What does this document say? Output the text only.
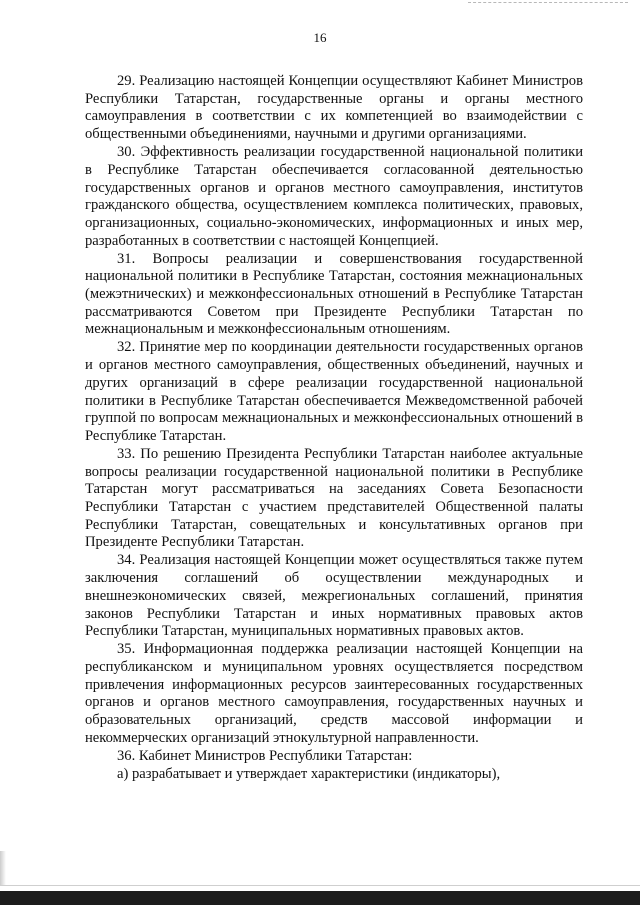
16

29. Реализацию настоящей Концепции осуществляют Кабинет Министров Республики Татарстан, государственные органы и органы местного самоуправления в соответствии с их компетенцией во взаимодействии с общественными объединениями, научными и другими организациями.

30. Эффективность реализации государственной национальной политики в Республике Татарстан обеспечивается согласованной деятельностью государственных органов и органов местного самоуправления, институтов гражданского общества, осуществлением комплекса политических, правовых, организационных, социально-экономических, информационных и иных мер, разработанных в соответствии с настоящей Концепцией.

31. Вопросы реализации и совершенствования государственной национальной политики в Республике Татарстан, состояния межнациональных (межэтнических) и межконфессиональных отношений в Республике Татарстан рассматриваются Советом при Президенте Республики Татарстан по межнациональным и межконфессиональным отношениям.

32. Принятие мер по координации деятельности государственных органов и органов местного самоуправления, общественных объединений, научных и других организаций в сфере реализации государственной национальной политики в Республике Татарстан обеспечивается Межведомственной рабочей группой по вопросам межнациональных и межконфессиональных отношений в Республике Татарстан.

33. По решению Президента Республики Татарстан наиболее актуальные вопросы реализации государственной национальной политики в Республике Татарстан могут рассматриваться на заседаниях Совета Безопасности Республики Татарстан с участием представителей Общественной палаты Республики Татарстан, совещательных и консультативных органов при Президенте Республики Татарстан.

34. Реализация настоящей Концепции может осуществляться также путем заключения соглашений об осуществлении международных и внешнеэкономических связей, межрегиональных соглашений, принятия законов Республики Татарстан и иных нормативных правовых актов Республики Татарстан, муниципальных нормативных правовых актов.

35. Информационная поддержка реализации настоящей Концепции на республиканском и муниципальном уровнях осуществляется посредством привлечения информационных ресурсов заинтересованных государственных органов и органов местного самоуправления, государственных научных и образовательных организаций, средств массовой информации и некоммерческих организаций этнокультурной направленности.

36. Кабинет Министров Республики Татарстан:

а) разрабатывает и утверждает характеристики (индикаторы),
